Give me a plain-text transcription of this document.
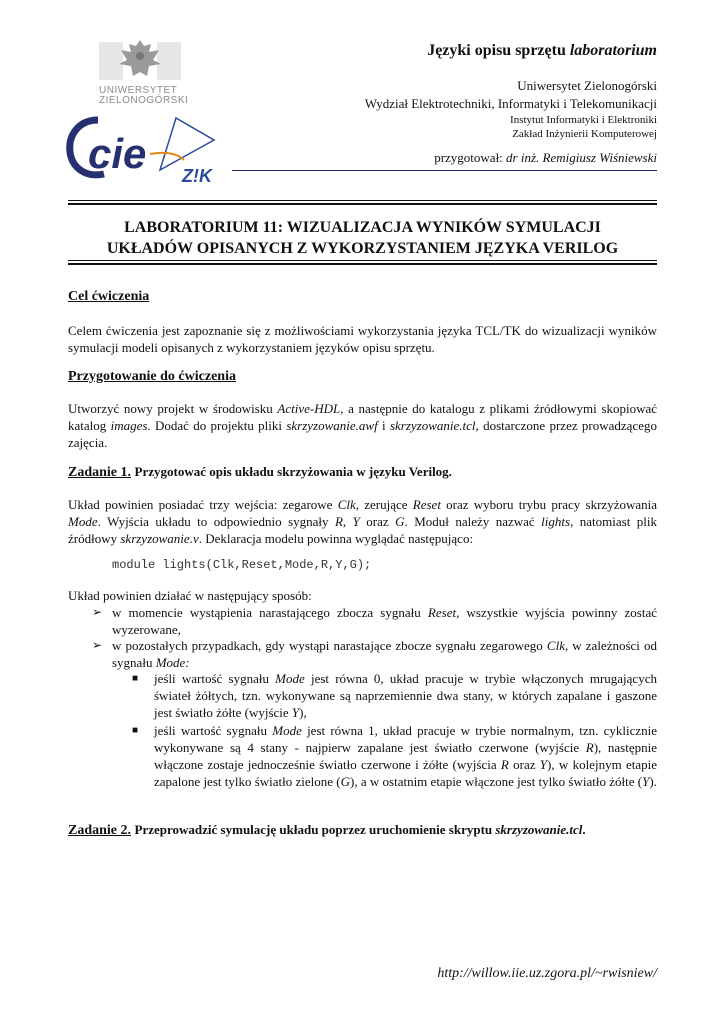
UNIWERSYTET
ZIELONOGÓRSKI
cie Z!K
Języki opisu sprzętu laboratorium
Uniwersytet Zielonogórski
Wydział Elektrotechniki, Informatyki i Telekomunikacji
Instytut Informatyki i Elektroniki
Zakład Inżynierii Komputerowej
przygotował: dr inż. Remigiusz Wiśniewski
LABORATORIUM 11: WIZUALIZACJA WYNIKÓW SYMULACJI
UKŁADÓW OPISANYCH Z WYKORZYSTANIEM JĘZYKA VERILOG
Cel ćwiczenia
Celem ćwiczenia jest zapoznanie się z możliwościami wykorzystania języka TCL/TK do wizualizacji wyników symulacji modeli opisanych z wykorzystaniem języków opisu sprzętu.
Przygotowanie do ćwiczenia
Utworzyć nowy projekt w środowisku Active-HDL, a następnie do katalogu z plikami źródłowymi skopiować katalog images. Dodać do projektu pliki skrzyzowanie.awf i skrzyzowanie.tcl, dostarczone przez prowadzącego zajęcia.
Zadanie 1. Przygotować opis układu skrzyżowania w języku Verilog.
Układ powinien posiadać trzy wejścia: zegarowe Clk, zerujące Reset oraz wyboru trybu pracy skrzyżowania Mode. Wyjścia układu to odpowiednio sygnały R, Y oraz G. Moduł należy nazwać lights, natomiast plik źródłowy skrzyzowanie.v. Deklaracja modelu powinna wyglądać następująco:
module lights(Clk,Reset,Mode,R,Y,G);
Układ powinien działać w następujący sposób:
➢ w momencie wystąpienia narastającego zbocza sygnału Reset, wszystkie wyjścia powinny zostać wyzerowane,
➢ w pozostałych przypadkach, gdy wystąpi narastające zbocze sygnału zegarowego Clk, w zależności od sygnału Mode:
■ jeśli wartość sygnału Mode jest równa 0, układ pracuje w trybie włączonych mrugających świateł żółtych, tzn. wykonywane są naprzemiennie dwa stany, w których zapalane i gaszone jest światło żółte (wyjście Y),
■ jeśli wartość sygnału Mode jest równa 1, układ pracuje w trybie normalnym, tzn. cyklicznie wykonywane są 4 stany - najpierw zapalane jest światło czerwone (wyjście R), następnie włączone zostaje jednocześnie światło czerwone i żółte (wyjścia R oraz Y), w kolejnym etapie zapalone jest tylko światło zielone (G), a w ostatnim etapie włączone jest tylko światło żółte (Y).
Zadanie 2. Przeprowadzić symulację układu poprzez uruchomienie skryptu skrzyzowanie.tcl.
http://willow.iie.uz.zgora.pl/~rwisniew/
